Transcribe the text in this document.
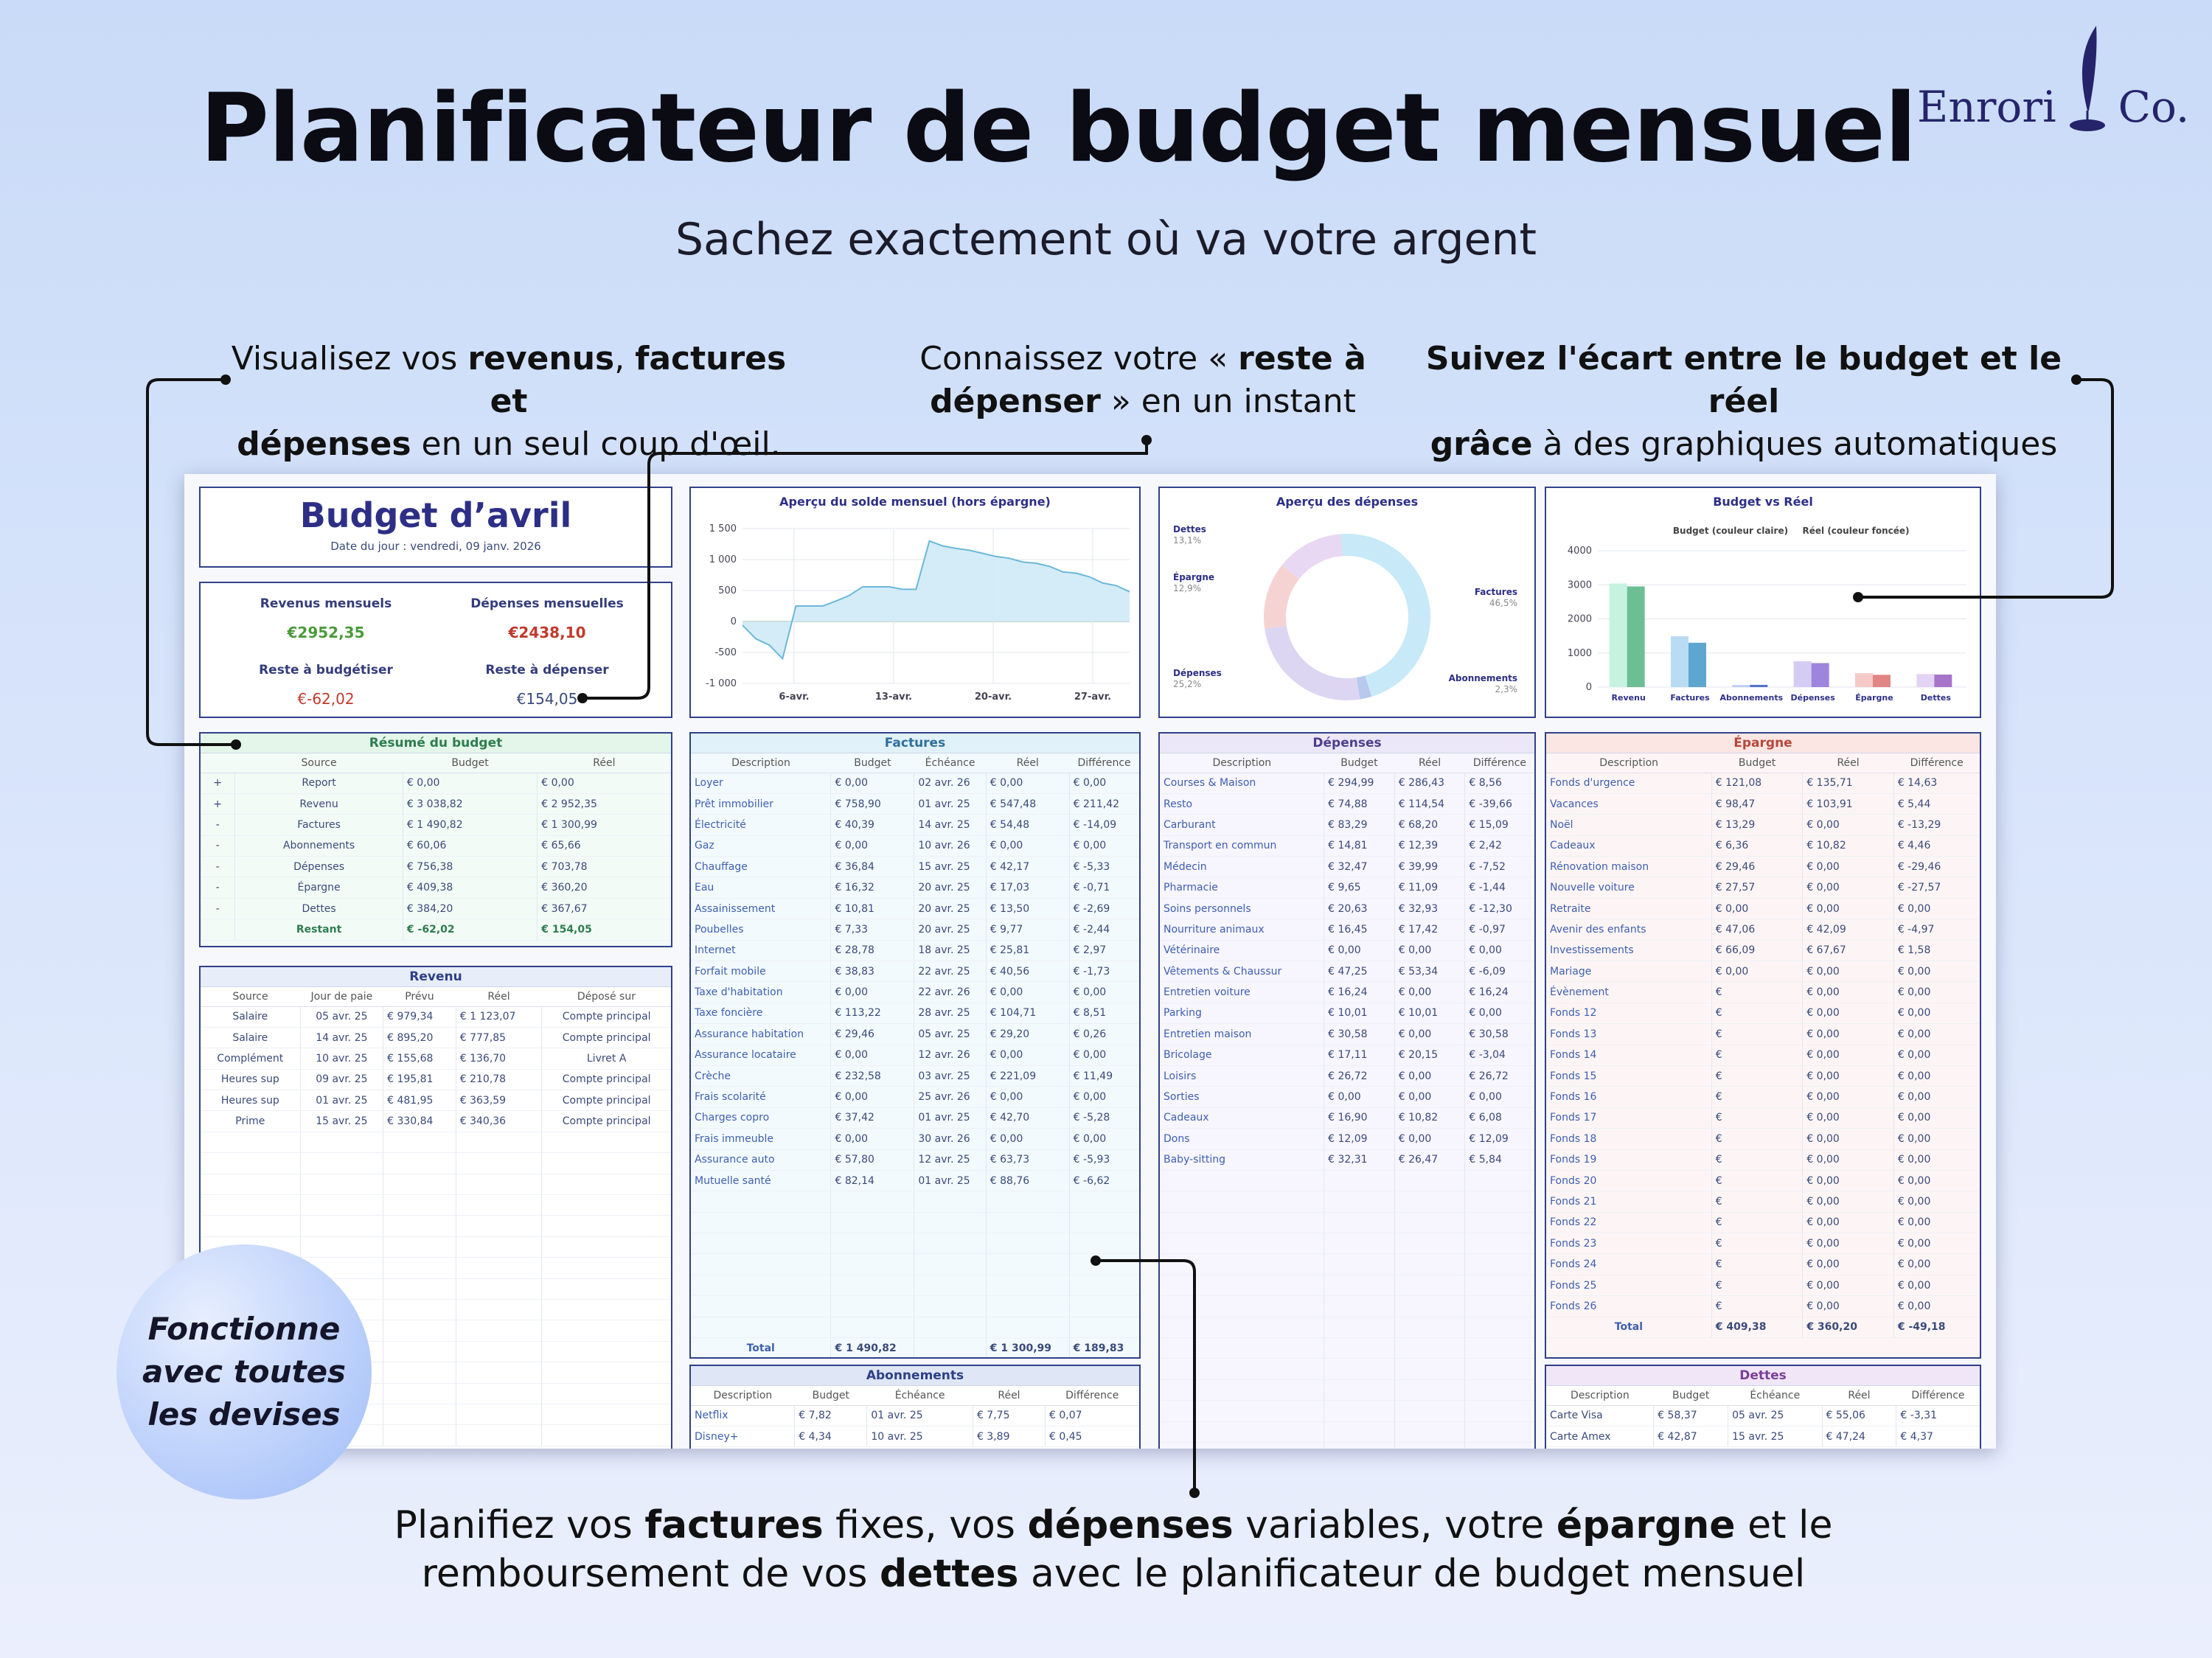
Planificateur de budget mensuel
Sachez exactement où va votre argent
Enrori Co.
Visualisez vos revenus, factures et
dépenses en un seul coup d'œil.
Connaissez votre « reste à
dépenser » en un instant
Suivez l'écart entre le budget et le réel
grâce à des graphiques automatiques
Planifiez vos factures fixes, vos dépenses variables, votre épargne et le
remboursement de vos dettes avec le planificateur de budget mensuel
Budget d’avril
Date du jour : vendredi, 09 janv. 2026
Revenus mensuels
€2952,35
Dépenses mensuelles
€2438,10
Reste à budgétiser
€-62,02
Reste à dépenser
€154,05
Aperçu du solde mensuel (hors épargne)
1 500
1 000
500
0
-500
-1 000
6-avr.	13-avr.	20-avr.	27-avr.
Aperçu des dépenses
Factures
46,5%
Abonnements
2,3%
Dépenses
25,2%
Épargne
12,9%
Dettes
13,1%
Budget vs Réel
Budget (couleur claire) Réel (couleur foncée)
4000
3000
2000
1000
0
Revenu	Factures Abonnements Dépenses Épargne	Dettes
Résumé du budget
	Source	Budget	Réel
+	Report	€ 0,00	€ 0,00
+	Revenu	€ 3 038,82	€ 2 952,35
-	Factures	€ 1 490,82	€ 1 300,99
-	Abonnements	€ 60,06	€ 65,66
-	Dépenses	€ 756,38	€ 703,78
-	Épargne	€ 409,38	€ 360,20
-	Dettes	€ 384,20	€ 367,67
	Restant	€ -62,02	€ 154,05
Revenu
Source	Jour de paie	Prévu	Réel	Déposé sur
Salaire	05 avr. 25	€ 979,34	€ 1 123,07	Compte principal
Salaire	14 avr. 25	€ 895,20	€ 777,85	Compte principal
Complément	10 avr. 25	€ 155,68	€ 136,70	Livret A
Heures sup	09 avr. 25	€ 195,81	€ 210,78	Compte principal
Heures sup	01 avr. 25	€ 481,95	€ 363,59	Compte principal
Prime	15 avr. 25	€ 330,84	€ 340,36	Compte principal

Factures
Description	Budget	Échéance	Réel	Différence
Loyer	€ 0,00	02 avr. 26	€ 0,00	€ 0,00
Prêt immobilier	€ 758,90	01 avr. 25	€ 547,48	€ 211,42
Électricité	€ 40,39	14 avr. 25	€ 54,48	€ -14,09
Gaz	€ 0,00	10 avr. 26	€ 0,00	€ 0,00
Chauffage	€ 36,84	15 avr. 25	€ 42,17	€ -5,33
Eau	€ 16,32	20 avr. 25	€ 17,03	€ -0,71
Assainissement	€ 10,81	20 avr. 25	€ 13,50	€ -2,69
Poubelles	€ 7,33	20 avr. 25	€ 9,77	€ -2,44
Internet	€ 28,78	18 avr. 25	€ 25,81	€ 2,97
Forfait mobile	€ 38,83	22 avr. 25	€ 40,56	€ -1,73
Taxe d'habitation	€ 0,00	22 avr. 26	€ 0,00	€ 0,00
Taxe foncière	€ 113,22	28 avr. 25	€ 104,71	€ 8,51
Assurance habitation	€ 29,46	05 avr. 25	€ 29,20	€ 0,26
Assurance locataire	€ 0,00	12 avr. 26	€ 0,00	€ 0,00
Crèche	€ 232,58	03 avr. 25	€ 221,09	€ 11,49
Frais scolarité	€ 0,00	25 avr. 26	€ 0,00	€ 0,00
Charges copro	€ 37,42	01 avr. 25	€ 42,70	€ -5,28
Frais immeuble	€ 0,00	30 avr. 26	€ 0,00	€ 0,00
Assurance auto	€ 57,80	12 avr. 25	€ 63,73	€ -5,93
Mutuelle santé	€ 82,14	01 avr. 25	€ 88,76	€ -6,62

Total	€ 1 490,82		€ 1 300,99	€ 189,83
Abonnements
Description	Budget	Échéance	Réel	Différence
Netflix	€ 7,82	01 avr. 25	€ 7,75	€ 0,07
Disney+	€ 4,34	10 avr. 25	€ 3,89	€ 0,45
Dépenses
Description	Budget	Réel	Différence
Courses & Maison	€ 294,99	€ 286,43	€ 8,56
Resto	€ 74,88	€ 114,54	€ -39,66
Carburant	€ 83,29	€ 68,20	€ 15,09
Transport en commun	€ 14,81	€ 12,39	€ 2,42
Médecin	€ 32,47	€ 39,99	€ -7,52
Pharmacie	€ 9,65	€ 11,09	€ -1,44
Soins personnels	€ 20,63	€ 32,93	€ -12,30
Nourriture animaux	€ 16,45	€ 17,42	€ -0,97
Vétérinaire	€ 0,00	€ 0,00	€ 0,00
Vêtements & Chaussur	€ 47,25	€ 53,34	€ -6,09
Entretien voiture	€ 16,24	€ 0,00	€ 16,24
Parking	€ 10,01	€ 10,01	€ 0,00
Entretien maison	€ 30,58	€ 0,00	€ 30,58
Bricolage	€ 17,11	€ 20,15	€ -3,04
Loisirs	€ 26,72	€ 0,00	€ 26,72
Sorties	€ 0,00	€ 0,00	€ 0,00
Cadeaux	€ 16,90	€ 10,82	€ 6,08
Dons	€ 12,09	€ 0,00	€ 12,09
Baby-sitting	€ 32,31	€ 26,47	€ 5,84

Épargne
Description	Budget	Réel	Différence
Fonds d'urgence	€ 121,08	€ 135,71	€ 14,63
Vacances	€ 98,47	€ 103,91	€ 5,44
Noël	€ 13,29	€ 0,00	€ -13,29
Cadeaux	€ 6,36	€ 10,82	€ 4,46
Rénovation maison	€ 29,46	€ 0,00	€ -29,46
Nouvelle voiture	€ 27,57	€ 0,00	€ -27,57
Retraite	€ 0,00	€ 0,00	€ 0,00
Avenir des enfants	€ 47,06	€ 42,09	€ -4,97
Investissements	€ 66,09	€ 67,67	€ 1,58
Mariage	€ 0,00	€ 0,00	€ 0,00
Évènement	€	€ 0,00	€ 0,00
Fonds 12	€	€ 0,00	€ 0,00
Fonds 13	€	€ 0,00	€ 0,00
Fonds 14	€	€ 0,00	€ 0,00
Fonds 15	€	€ 0,00	€ 0,00
Fonds 16	€	€ 0,00	€ 0,00
Fonds 17	€	€ 0,00	€ 0,00
Fonds 18	€	€ 0,00	€ 0,00
Fonds 19	€	€ 0,00	€ 0,00
Fonds 20	€	€ 0,00	€ 0,00
Fonds 21	€	€ 0,00	€ 0,00
Fonds 22	€	€ 0,00	€ 0,00
Fonds 23	€	€ 0,00	€ 0,00
Fonds 24	€	€ 0,00	€ 0,00
Fonds 25	€	€ 0,00	€ 0,00
Fonds 26	€	€ 0,00	€ 0,00
Total	€ 409,38	€ 360,20	€ -49,18
Dettes
Description	Budget	Échéance	Réel	Différence
Carte Visa	€ 58,37	05 avr. 25	€ 55,06	€ -3,31
Carte Amex	€ 42,87	15 avr. 25	€ 47,24	€ 4,37
Fonctionne
avec toutes
les devises
